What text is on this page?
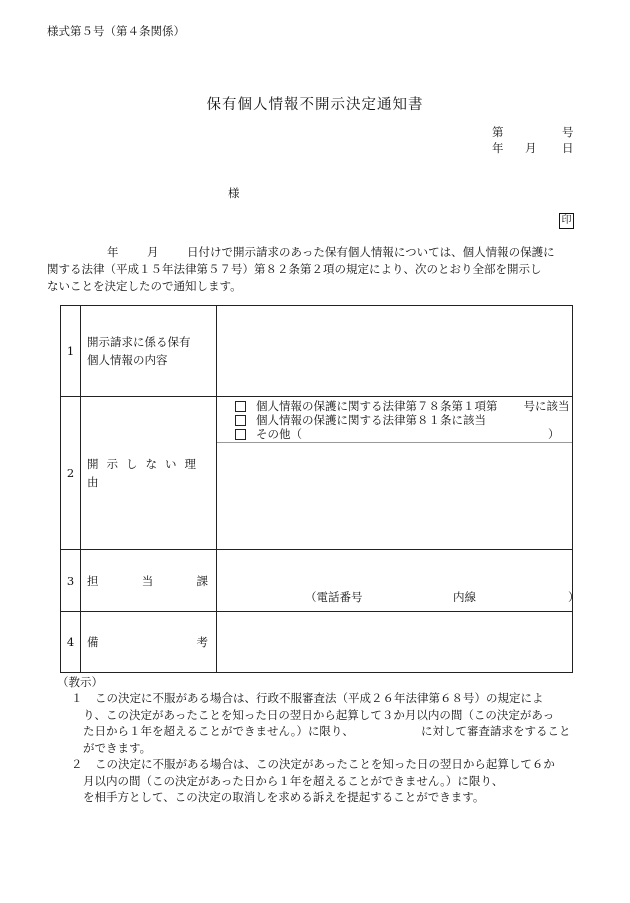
様式第５号（第４条関係）
保有個人情報不開示決定通知書
第	号
年 月 日
様
印
年 月 日付けで開示請求のあった保有個人情報については、個人情報の保護に
関する法律（平成１５年法律第５７号）第８２条第２項の規定により、次のとおり全部を開示し
ないことを決定したので通知します。
1	開示請求に係る保有
個人情報の内容	

2	開示しない理由	個人情報の保護に関する法律第７８条第１項第 号に該当
個人情報の保護に関する法律第８１条に該当
その他（ ）

3	担 当 課	（電話番号 内線 ）

4	備 考	

（教示）
１ この決定に不服がある場合は、行政不服審査法（平成２６年法律第６８号）の規定によ
り、この決定があったことを知った日の翌日から起算して３か月以内の間（この決定があっ
た日から１年を超えることができません。）に限り、	に対して審査請求をすること
ができます。
２ この決定に不服がある場合は、この決定があったことを知った日の翌日から起算して６か
月以内の間（この決定があった日から１年を超えることができません。）に限り、
を相手方として、この決定の取消しを求める訴えを提起することができます。
